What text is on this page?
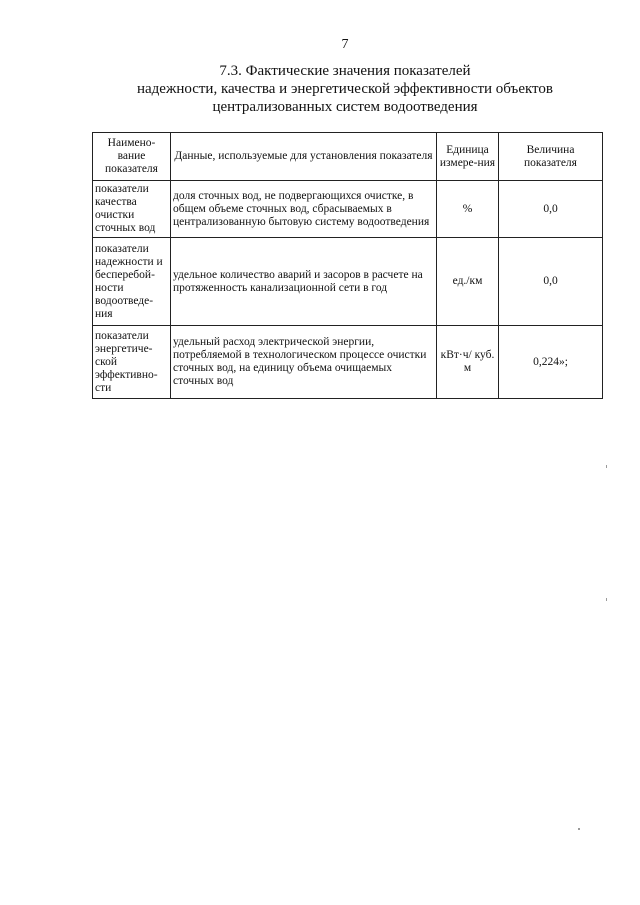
7
7.3. Фактические значения показателей
надежности, качества и энергетической эффективности объектов
централизованных систем водоотведения
Наимено-вание показателя	Данные, используемые для установления показателя	Единица измере-ния	Величина показателя
показатели качества очистки сточных вод	доля сточных вод, не подвергающихся очистке, в общем объеме сточных вод, сбрасываемых в централизованную бытовую систему водоотведения	%	0,0
показатели надежности и бесперебой-ности водоотведе-ния	удельное количество аварий и засоров в расчете на протяженность канализационной сети в год	ед./км	0,0
показатели энергетиче-ской эффективно-сти	удельный расход электрической энергии, потребляемой в технологическом процессе очистки сточных вод, на единицу объема очищаемых сточных вод	кВт·ч/ куб. м	0,224»;
